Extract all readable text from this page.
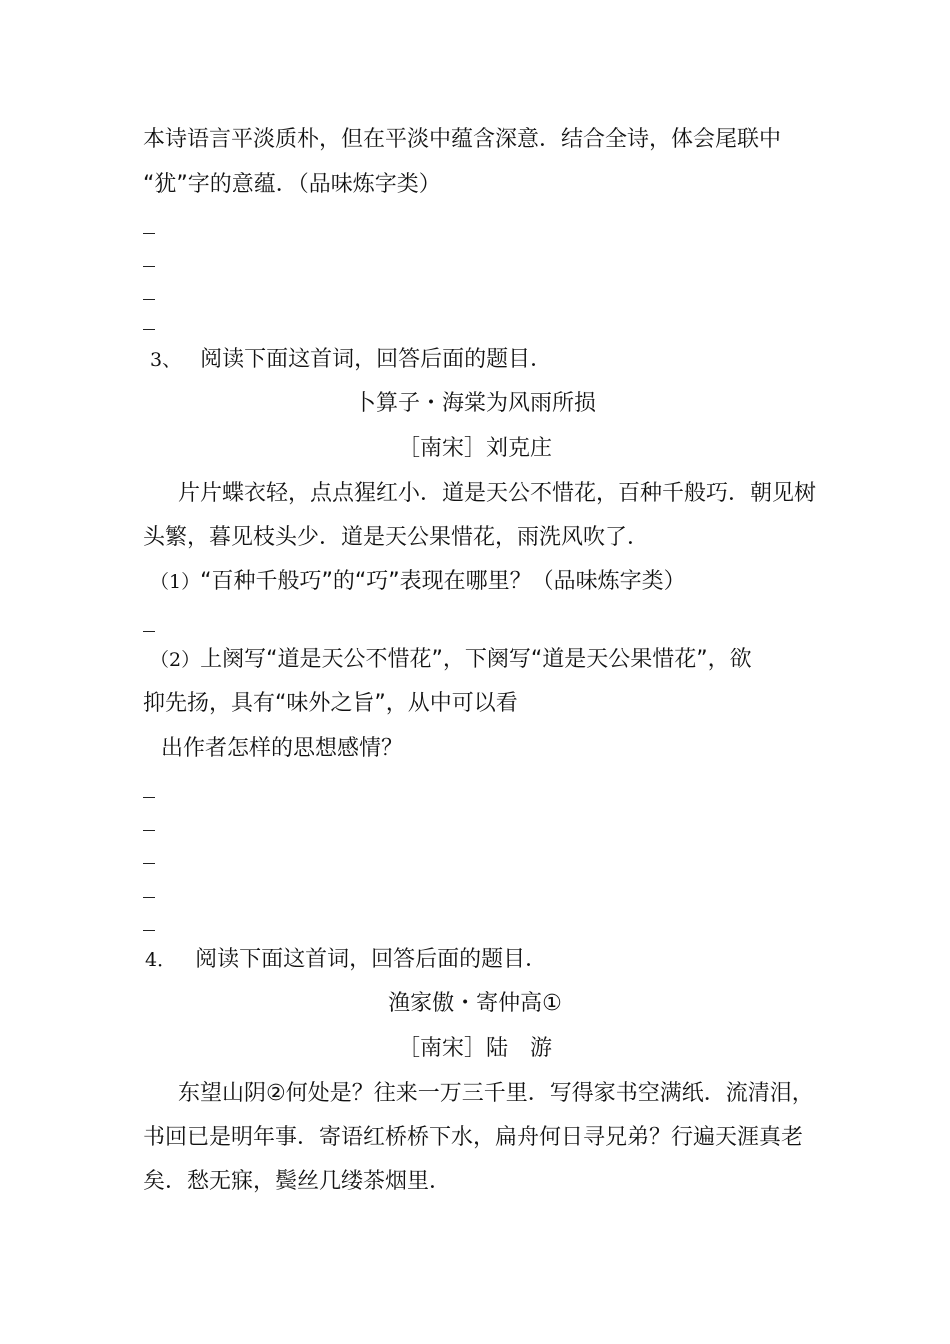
本诗语言平淡质朴，但在平淡中蕴含深意．结合全诗，体会尾联中
“犹”字的意蕴．（品味炼字类）
3、 阅读下面这首词，回答后面的题目．
卜算子・海棠为风雨所损
［南宋］刘克庄
片片蝶衣轻，点点猩红小．道是天公不惜花，百种千般巧．朝见树
头繁，暮见枝头少．道是天公果惜花，雨洗风吹了．
（1）“百种千般巧”的“巧”表现在哪里？（品味炼字类）
（2）上阕写“道是天公不惜花”，下阕写“道是天公果惜花”，欲
抑先扬，具有“味外之旨”，从中可以看
出作者怎样的思想感情？
4． 阅读下面这首词，回答后面的题目．
渔家傲・寄仲高①
［南宋］陆　游
东望山阴②何处是？往来一万三千里．写得家书空满纸．流清泪，
书回已是明年事．寄语红桥桥下水，扁舟何日寻兄弟？行遍天涯真老
矣．愁无寐，鬓丝几缕茶烟里．
